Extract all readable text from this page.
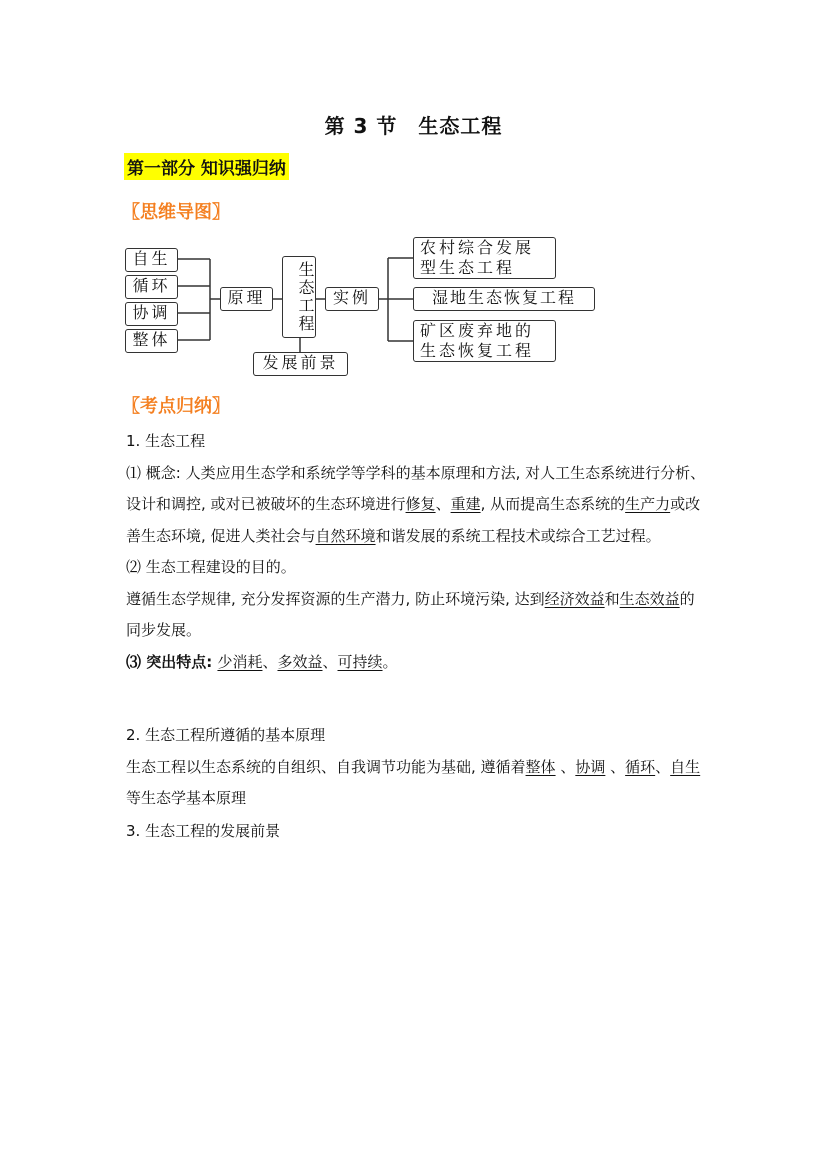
第 3 节　生态工程
第一部分 知识强归纳
〖思维导图〗
自生
循环
协调
整体
原理	生态工程
发展前景
实例
农村综合发展型生态工程
湿地生态恢复工程
矿区废弃地的生态恢复工程
〖考点归纳〗

1. 生态工程

⑴ 概念: 人类应用生态学和系统学等学科的基本原理和方法, 对人工生态系统进行分析、设计和调控, 或对已被破坏的生态环境进行修复、重建, 从而提高生态系统的生产力或改善生态环境, 促进人类社会与自然环境和谐发展的系统工程技术或综合工艺过程。

⑵ 生态工程建设的目的。

遵循生态学规律, 充分发挥资源的生产潜力, 防止环境污染, 达到经济效益和生态效益的同步发展。

⑶ 突出特点: 少消耗、多效益、可持续。

2. 生态工程所遵循的基本原理

生态工程以生态系统的自组织、自我调节功能为基础, 遵循着整体 、协调 、循环、自生等生态学基本原理

3. 生态工程的发展前景
